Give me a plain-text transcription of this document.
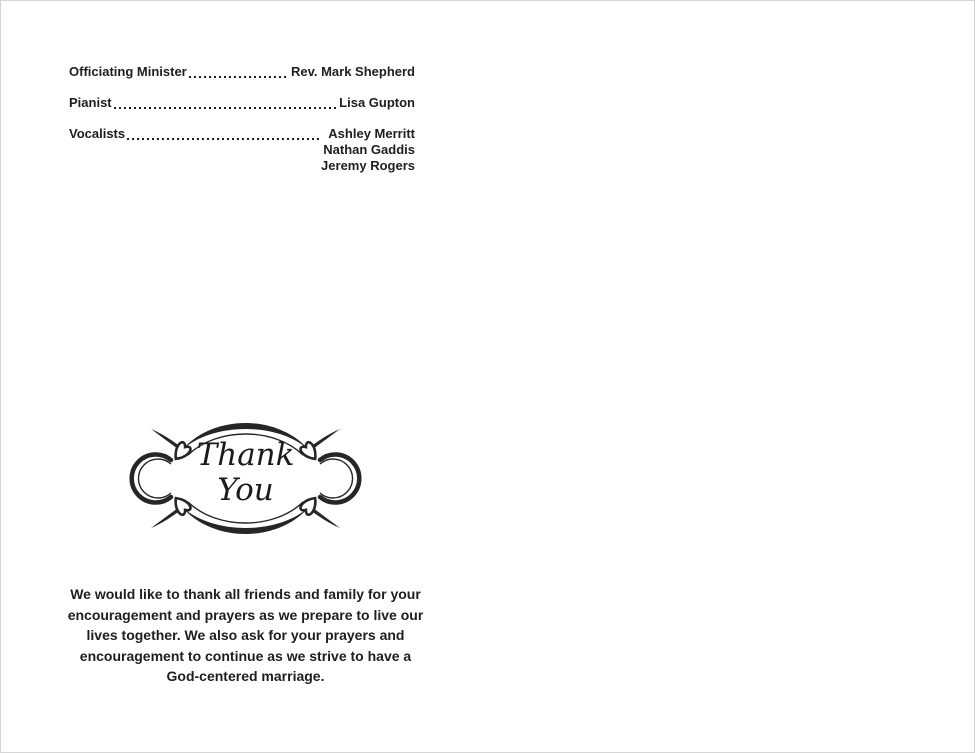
Officiating Minister	Rev. Mark Shepherd
Pianist	Lisa Gupton
Vocalists	Ashley Merritt
Nathan Gaddis
Jeremy Rogers
Thank
You
We would like to thank all friends and family for your
encouragement and prayers as we prepare to live our
lives together. We also ask for your prayers and
encouragement to continue as we strive to have a
God-centered marriage.
